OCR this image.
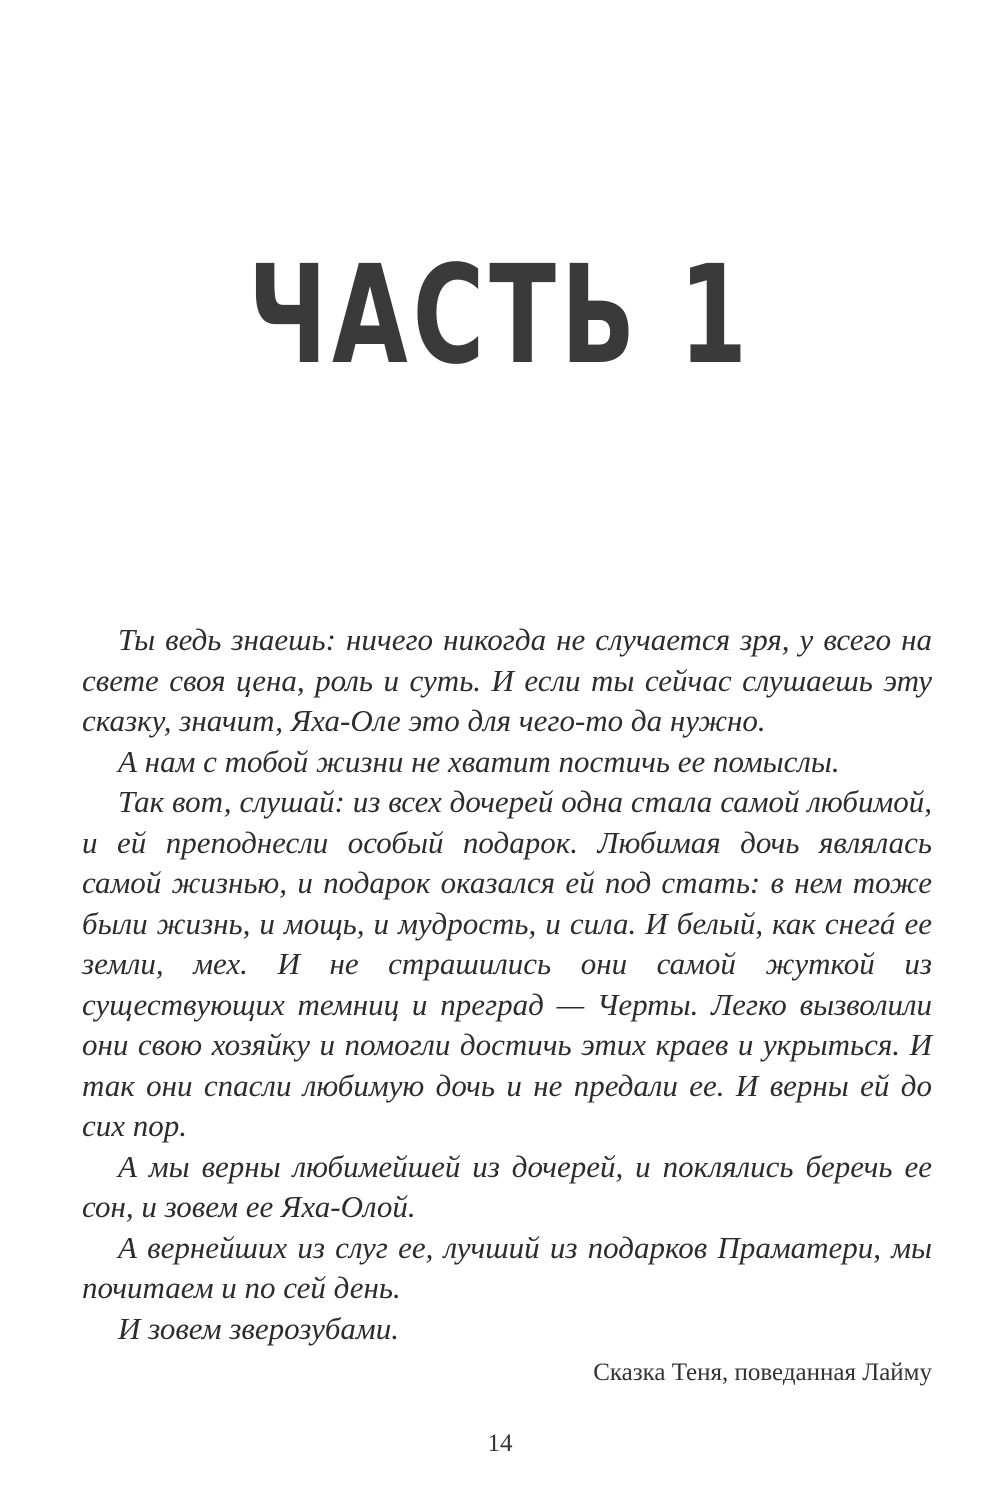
ЧАСТЬ 1

Ты ведь знаешь: ничего никогда не случается зря, у всего на свете своя цена, роль и суть. И если ты сейчас слушаешь эту сказку, значит, Яха-Оле это для чего-то да нужно.

А нам с тобой жизни не хватит постичь ее помыслы.

Так вот, слушай: из всех дочерей одна стала самой любимой, и ей преподнесли особый подарок. Любимая дочь являлась самой жизнью, и подарок оказался ей под стать: в нем тоже были жизнь, и мощь, и мудрость, и сила. И белый, как снегá ее земли, мех. И не страшились они самой жуткой из существующих темниц и преград — Черты. Легко вызволили они свою хозяйку и помогли достичь этих краев и укрыться. И так они спасли любимую дочь и не предали ее. И верны ей до сих пор.

А мы верны любимейшей из дочерей, и поклялись беречь ее сон, и зовем ее Яха-Олой.

А вернейших из слуг ее, лучший из подарков Праматери, мы почитаем и по сей день.

И зовем зверозубами.

Сказка Теня, поведанная Лайму
14
